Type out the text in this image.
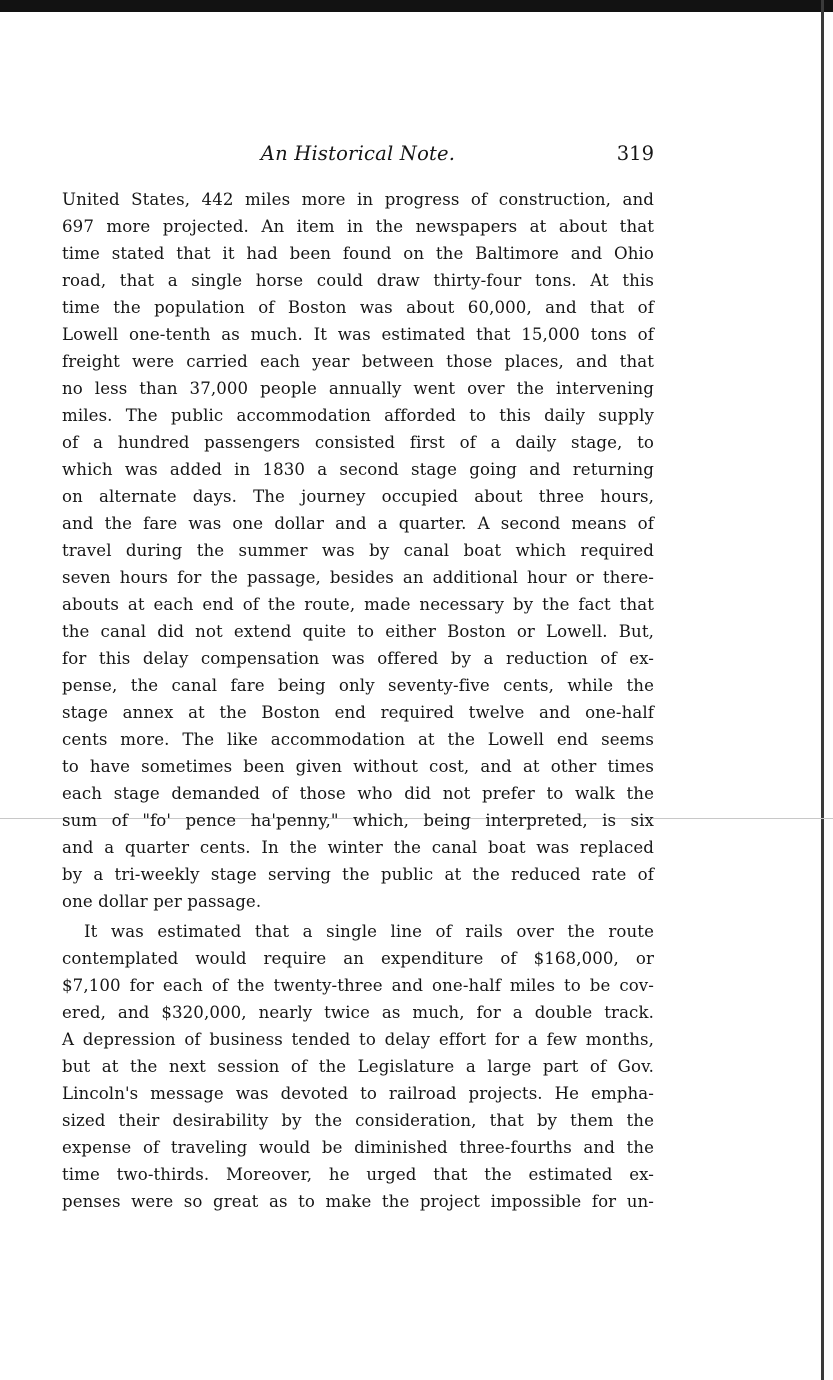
An Historical Note.	319
United States, 442 miles more in progress of construction, and
697 more projected. An item in the newspapers at about that
time stated that it had been found on the Baltimore and Ohio
road, that a single horse could draw thirty-four tons. At this
time the population of Boston was about 60,000, and that of
Lowell one-tenth as much. It was estimated that 15,000 tons of
freight were carried each year between those places, and that
no less than 37,000 people annually went over the intervening
miles. The public accommodation afforded to this daily supply
of a hundred passengers consisted first of a daily stage, to
which was added in 1830 a second stage going and returning
on alternate days. The journey occupied about three hours,
and the fare was one dollar and a quarter. A second means of
travel during the summer was by canal boat which required
seven hours for the passage, besides an additional hour or there-
abouts at each end of the route, made necessary by the fact that
the canal did not extend quite to either Boston or Lowell. But,
for this delay compensation was offered by a reduction of ex-
pense, the canal fare being only seventy-five cents, while the
stage annex at the Boston end required twelve and one-half
cents more. The like accommodation at the Lowell end seems
to have sometimes been given without cost, and at other times
each stage demanded of those who did not prefer to walk the
sum of "fo' pence ha'penny," which, being interpreted, is six
and a quarter cents. In the winter the canal boat was replaced
by a tri-weekly stage serving the public at the reduced rate of
one dollar per passage.
It was estimated that a single line of rails over the route
contemplated would require an expenditure of $168,000, or
$7,100 for each of the twenty-three and one-half miles to be cov-
ered, and $320,000, nearly twice as much, for a double track.
A depression of business tended to delay effort for a few months,
but at the next session of the Legislature a large part of Gov.
Lincoln's message was devoted to railroad projects. He empha-
sized their desirability by the consideration, that by them the
expense of traveling would be diminished three-fourths and the
time two-thirds. Moreover, he urged that the estimated ex-
penses were so great as to make the project impossible for un-
